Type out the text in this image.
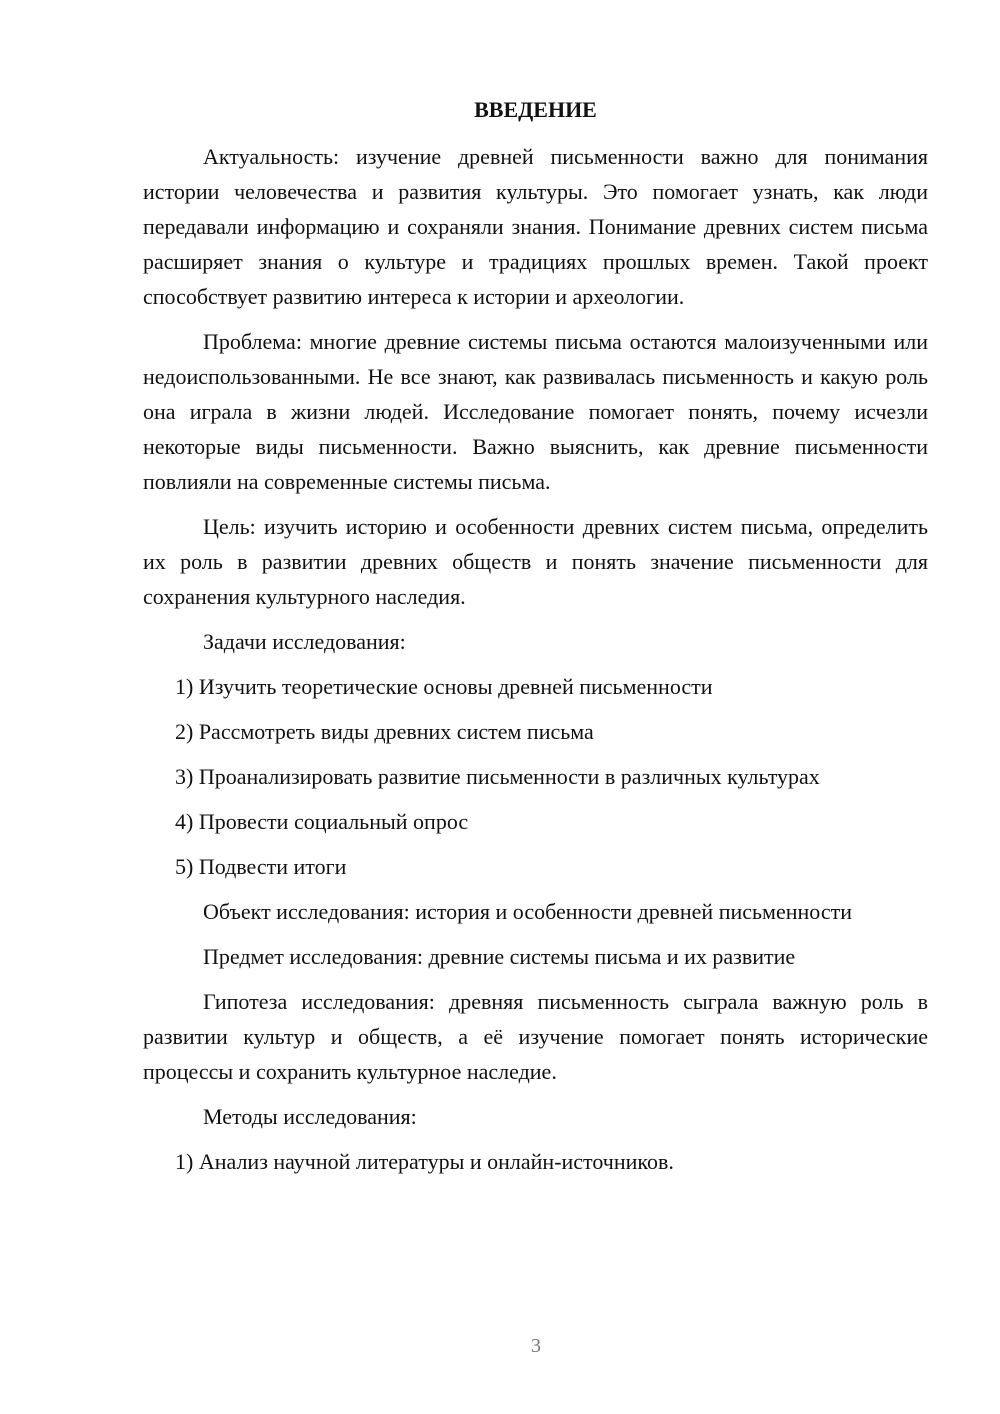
ВВЕДЕНИЕ

Актуальность: изучение древней письменности важно для понимания истории человечества и развития культуры. Это помогает узнать, как люди передавали информацию и сохраняли знания. Понимание древних систем письма расширяет знания о культуре и традициях прошлых времен. Такой проект способствует развитию интереса к истории и археологии.

Проблема: многие древние системы письма остаются малоизученными или недоиспользованными. Не все знают, как развивалась письменность и какую роль она играла в жизни людей. Исследование помогает понять, почему исчезли некоторые виды письменности. Важно выяснить, как древние письменности повлияли на современные системы письма.

Цель: изучить историю и особенности древних систем письма, определить их роль в развитии древних обществ и понять значение письменности для сохранения культурного наследия.

Задачи исследования:

1) Изучить теоретические основы древней письменности
2) Рассмотреть виды древних систем письма
3) Проанализировать развитие письменности в различных культурах
4) Провести социальный опрос
5) Подвести итоги

Объект исследования: история и особенности древней письменности

Предмет исследования: древние системы письма и их развитие

Гипотеза исследования: древняя письменность сыграла важную роль в развитии культур и обществ, а её изучение помогает понять исторические процессы и сохранить культурное наследие.

Методы исследования:

1) Анализ научной литературы и онлайн-источников.
3
